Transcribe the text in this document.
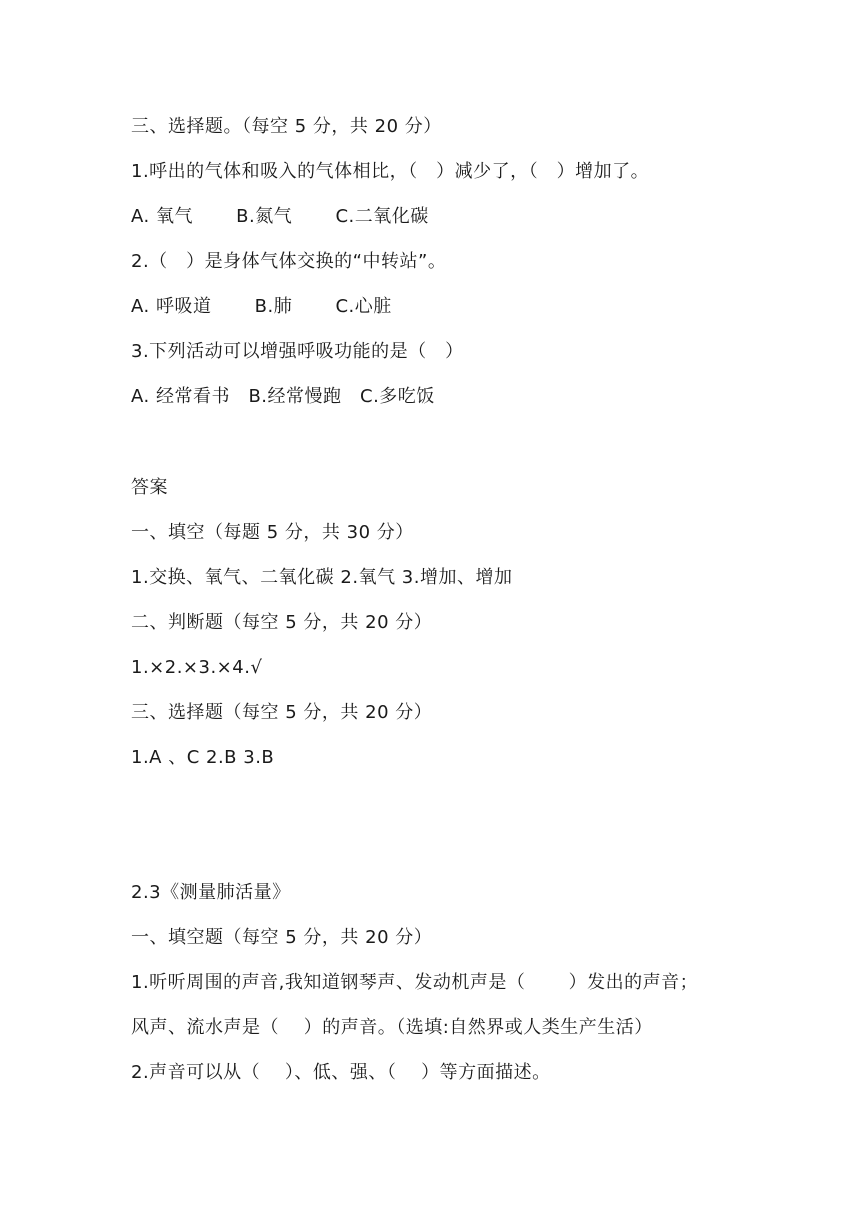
三、选择题。（每空 5 分，共 20 分）
1.呼出的气体和吸入的气体相比，（　）减少了，（　）增加了。
A. 氧气　　 B.氮气　　 C.二氧化碳
2.（　）是身体气体交换的“中转站”。
A. 呼吸道　　 B.肺　　 C.心脏
3.下列活动可以增强呼吸功能的是（　）
A. 经常看书　B.经常慢跑　C.多吃饭
答案
一、填空（每题 5 分，共 30 分）
1.交换、氧气、二氧化碳 2.氧气 3.增加、增加
二、判断题（每空 5 分，共 20 分）
1.×2.×3.×4.√
三、选择题（每空 5 分，共 20 分）
1.A 、C 2.B 3.B
2.3《测量肺活量》
一、填空题（每空 5 分，共 20 分）
1.听听周围的声音,我知道钢琴声、发动机声是（　　 ）发出的声音；
风声、流水声是（　 ）的声音。（选填:自然界或人类生产生活）
2.声音可以从（　 ）、低、强、（　 ）等方面描述。
